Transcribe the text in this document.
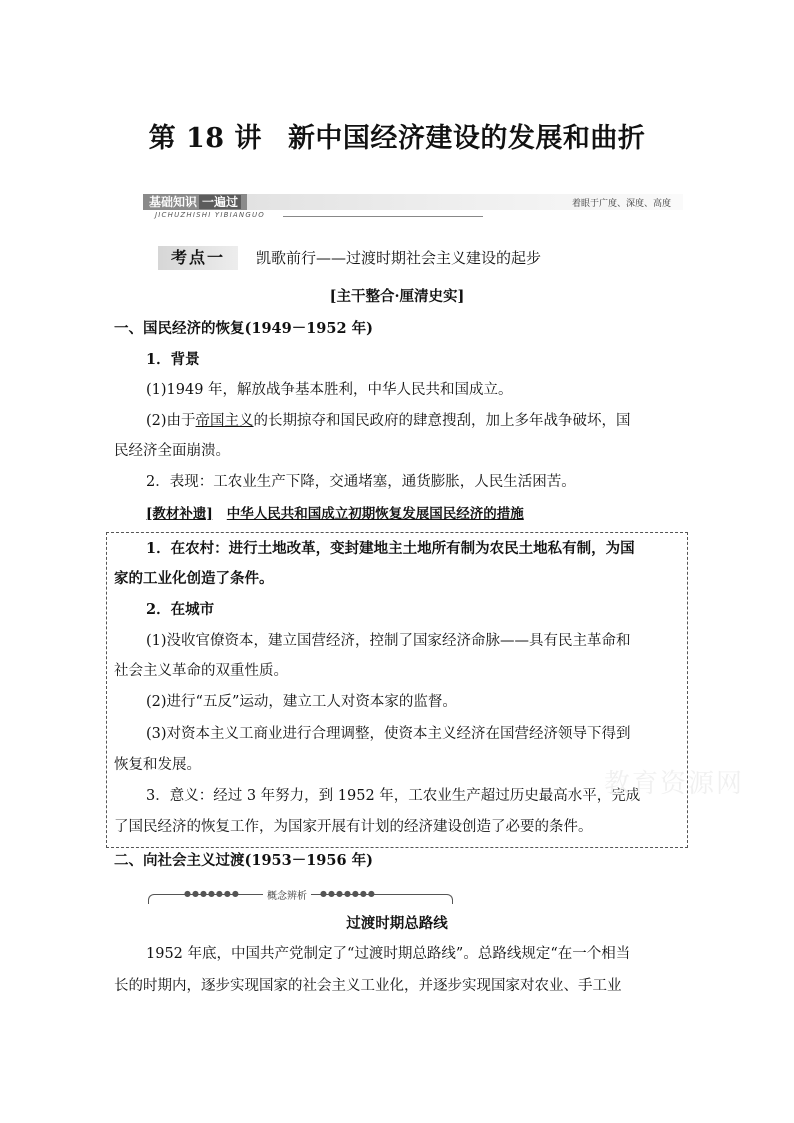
第 18 讲 新中国经济建设的发展和曲折
基础知识 一遍过
JICHUZHISHI YIBIANGUO
着眼于广度、深度、高度
考点一	凯歌前行——过渡时期社会主义建设的起步
[主干整合·厘清史实]
一、国民经济的恢复(1949－1952 年)
1．背景
(1)1949 年，解放战争基本胜利，中华人民共和国成立。
(2)由于帝国主义的长期掠夺和国民政府的肆意搜刮，加上多年战争破坏，国
民经济全面崩溃。
2．表现：工农业生产下降，交通堵塞，通货膨胀，人民生活困苦。
[教材补遗] 中华人民共和国成立初期恢复发展国民经济的措施
1．在农村：进行土地改革，变封建地主土地所有制为农民土地私有制，为国
家的工业化创造了条件。
2．在城市
(1)没收官僚资本，建立国营经济，控制了国家经济命脉——具有民主革命和
社会主义革命的双重性质。
(2)进行“五反”运动，建立工人对资本家的监督。
(3)对资本主义工商业进行合理调整，使资本主义经济在国营经济领导下得到
恢复和发展。
3．意义：经过 3 年努力，到 1952 年，工农业生产超过历史最高水平，完成
了国民经济的恢复工作，为国家开展有计划的经济建设创造了必要的条件。
教育资源网
二、向社会主义过渡(1953－1956 年)
●●●●●●●	概念辨析	●●●●●●●
过渡时期总路线
1952 年底，中国共产党制定了“过渡时期总路线”。总路线规定“在一个相当
长的时期内，逐步实现国家的社会主义工业化，并逐步实现国家对农业、手工业
